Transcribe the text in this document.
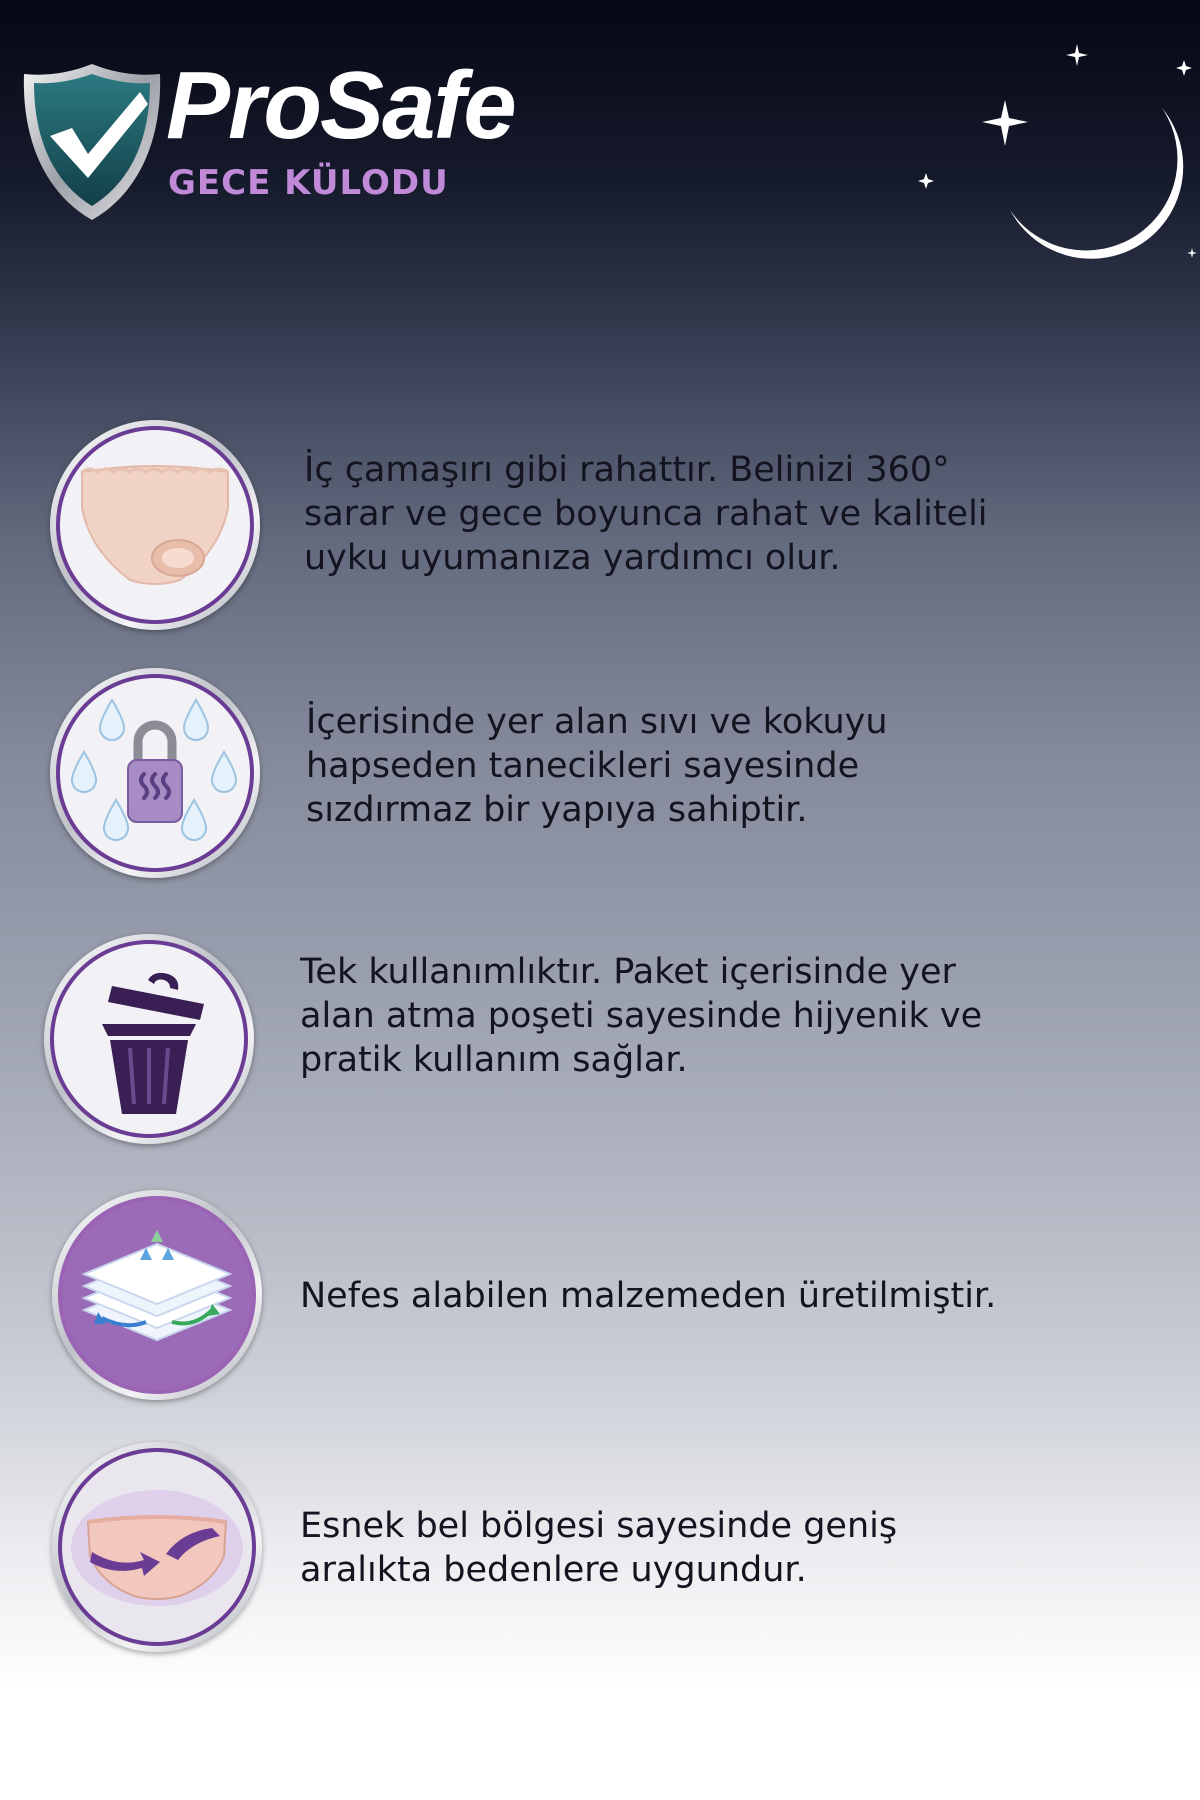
ProSafe
GECE KÜLODU

İç çamaşırı gibi rahattır. Belinizi 360°
sarar ve gece boyunca rahat ve kaliteli
uyku uyumanıza yardımcı olur.

İçerisinde yer alan sıvı ve kokuyu
hapseden tanecikleri sayesinde
sızdırmaz bir yapıya sahiptir.

Tek kullanımlıktır. Paket içerisinde yer
alan atma poşeti sayesinde hijyenik ve
pratik kullanım sağlar.

Nefes alabilen malzemeden üretilmiştir.

Esnek bel bölgesi sayesinde geniş
aralıkta bedenlere uygundur.
